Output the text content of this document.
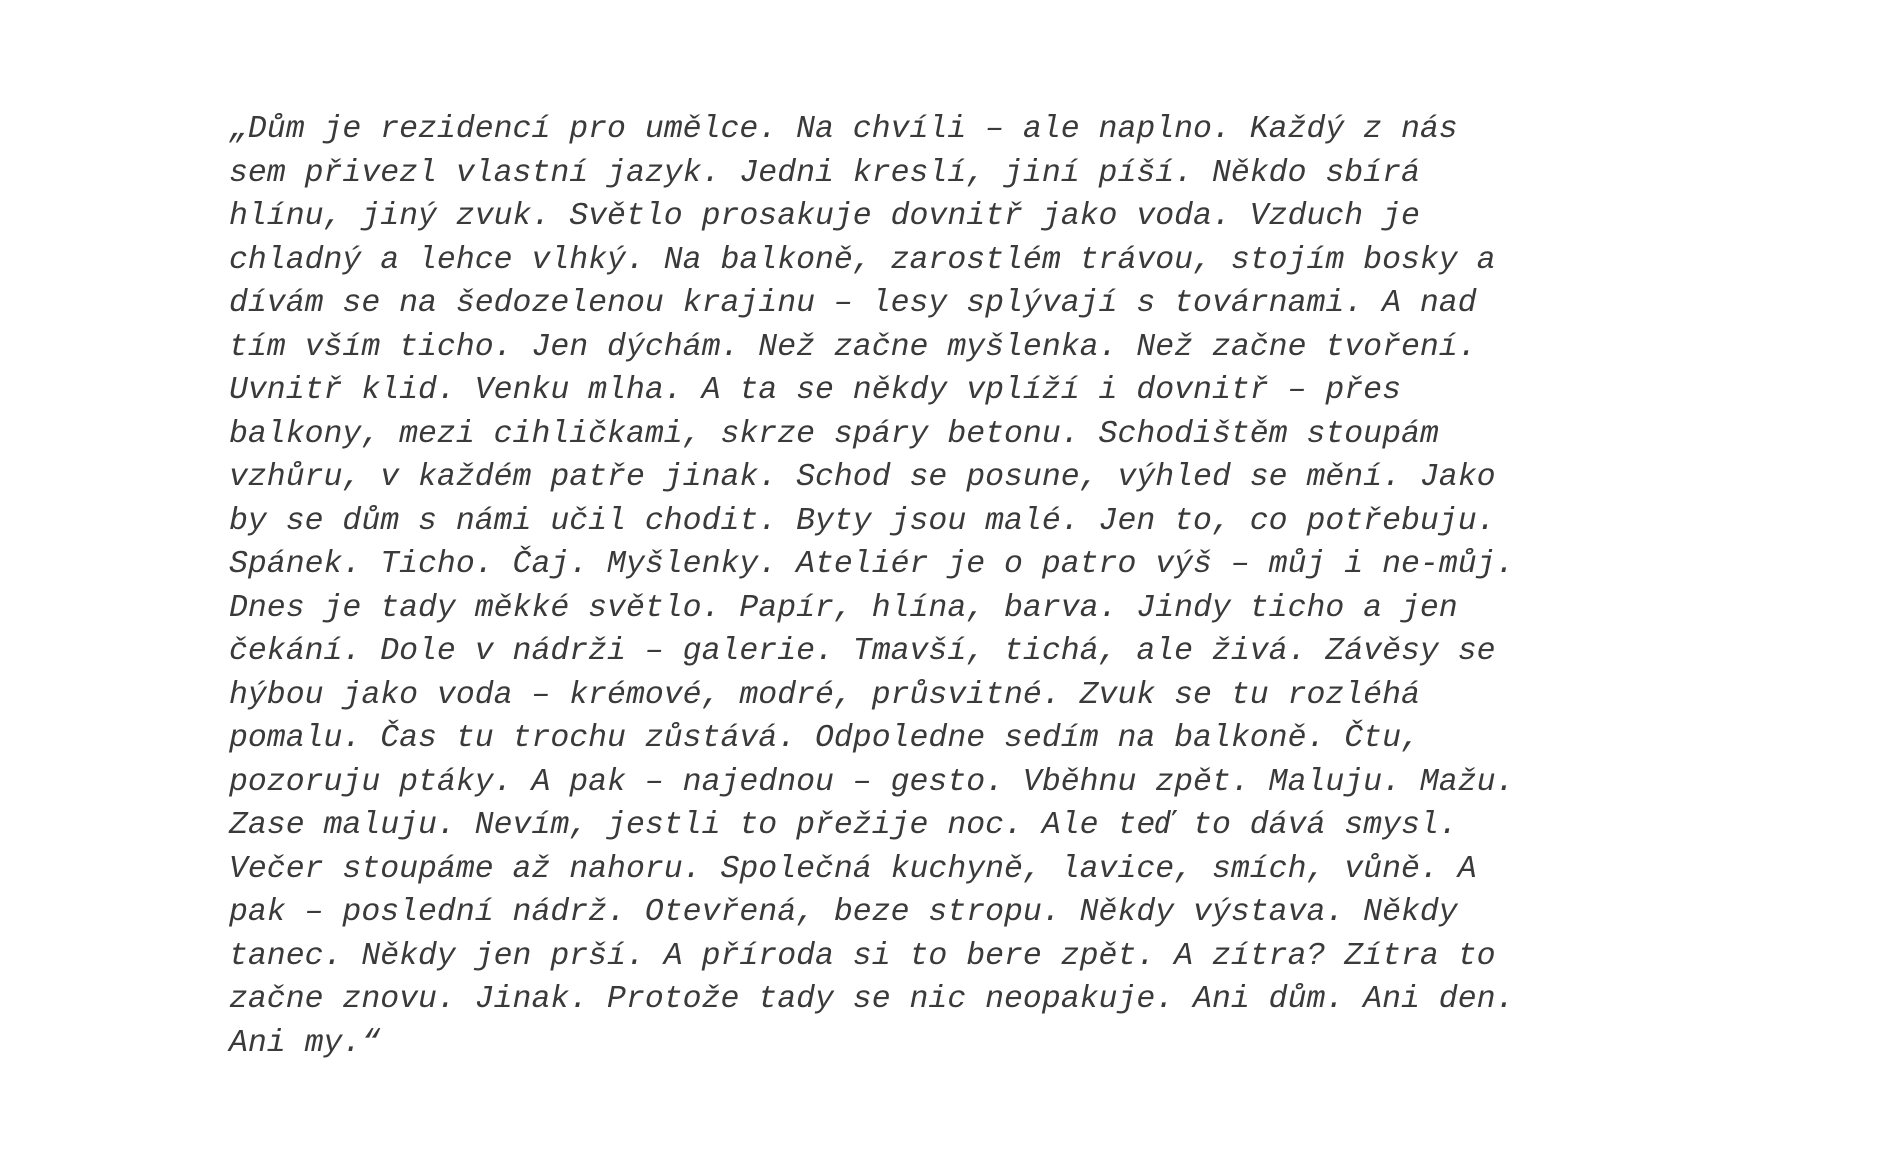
„Dům je rezidencí pro umělce. Na chvíli – ale naplno. Každý z nás
sem přivezl vlastní jazyk. Jedni kreslí, jiní píší. Někdo sbírá
hlínu, jiný zvuk. Světlo prosakuje dovnitř jako voda. Vzduch je
chladný a lehce vlhký. Na balkoně, zarostlém trávou, stojím bosky a
dívám se na šedozelenou krajinu – lesy splývají s továrnami. A nad
tím vším ticho. Jen dýchám. Než začne myšlenka. Než začne tvoření.
Uvnitř klid. Venku mlha. A ta se někdy vplíží i dovnitř – přes
balkony, mezi cihličkami, skrze spáry betonu. Schodištěm stoupám
vzhůru, v každém patře jinak. Schod se posune, výhled se mění. Jako
by se dům s námi učil chodit. Byty jsou malé. Jen to, co potřebuju.
Spánek. Ticho. Čaj. Myšlenky. Ateliér je o patro výš – můj i ne-můj.
Dnes je tady měkké světlo. Papír, hlína, barva. Jindy ticho a jen
čekání. Dole v nádrži – galerie. Tmavší, tichá, ale živá. Závěsy se
hýbou jako voda – krémové, modré, průsvitné. Zvuk se tu rozléhá
pomalu. Čas tu trochu zůstává. Odpoledne sedím na balkoně. Čtu,
pozoruju ptáky. A pak – najednou – gesto. Vběhnu zpět. Maluju. Mažu.
Zase maluju. Nevím, jestli to přežije noc. Ale teď to dává smysl.
Večer stoupáme až nahoru. Společná kuchyně, lavice, smích, vůně. A
pak – poslední nádrž. Otevřená, beze stropu. Někdy výstava. Někdy
tanec. Někdy jen prší. A příroda si to bere zpět. A zítra? Zítra to
začne znovu. Jinak. Protože tady se nic neopakuje. Ani dům. Ani den.
Ani my.“
